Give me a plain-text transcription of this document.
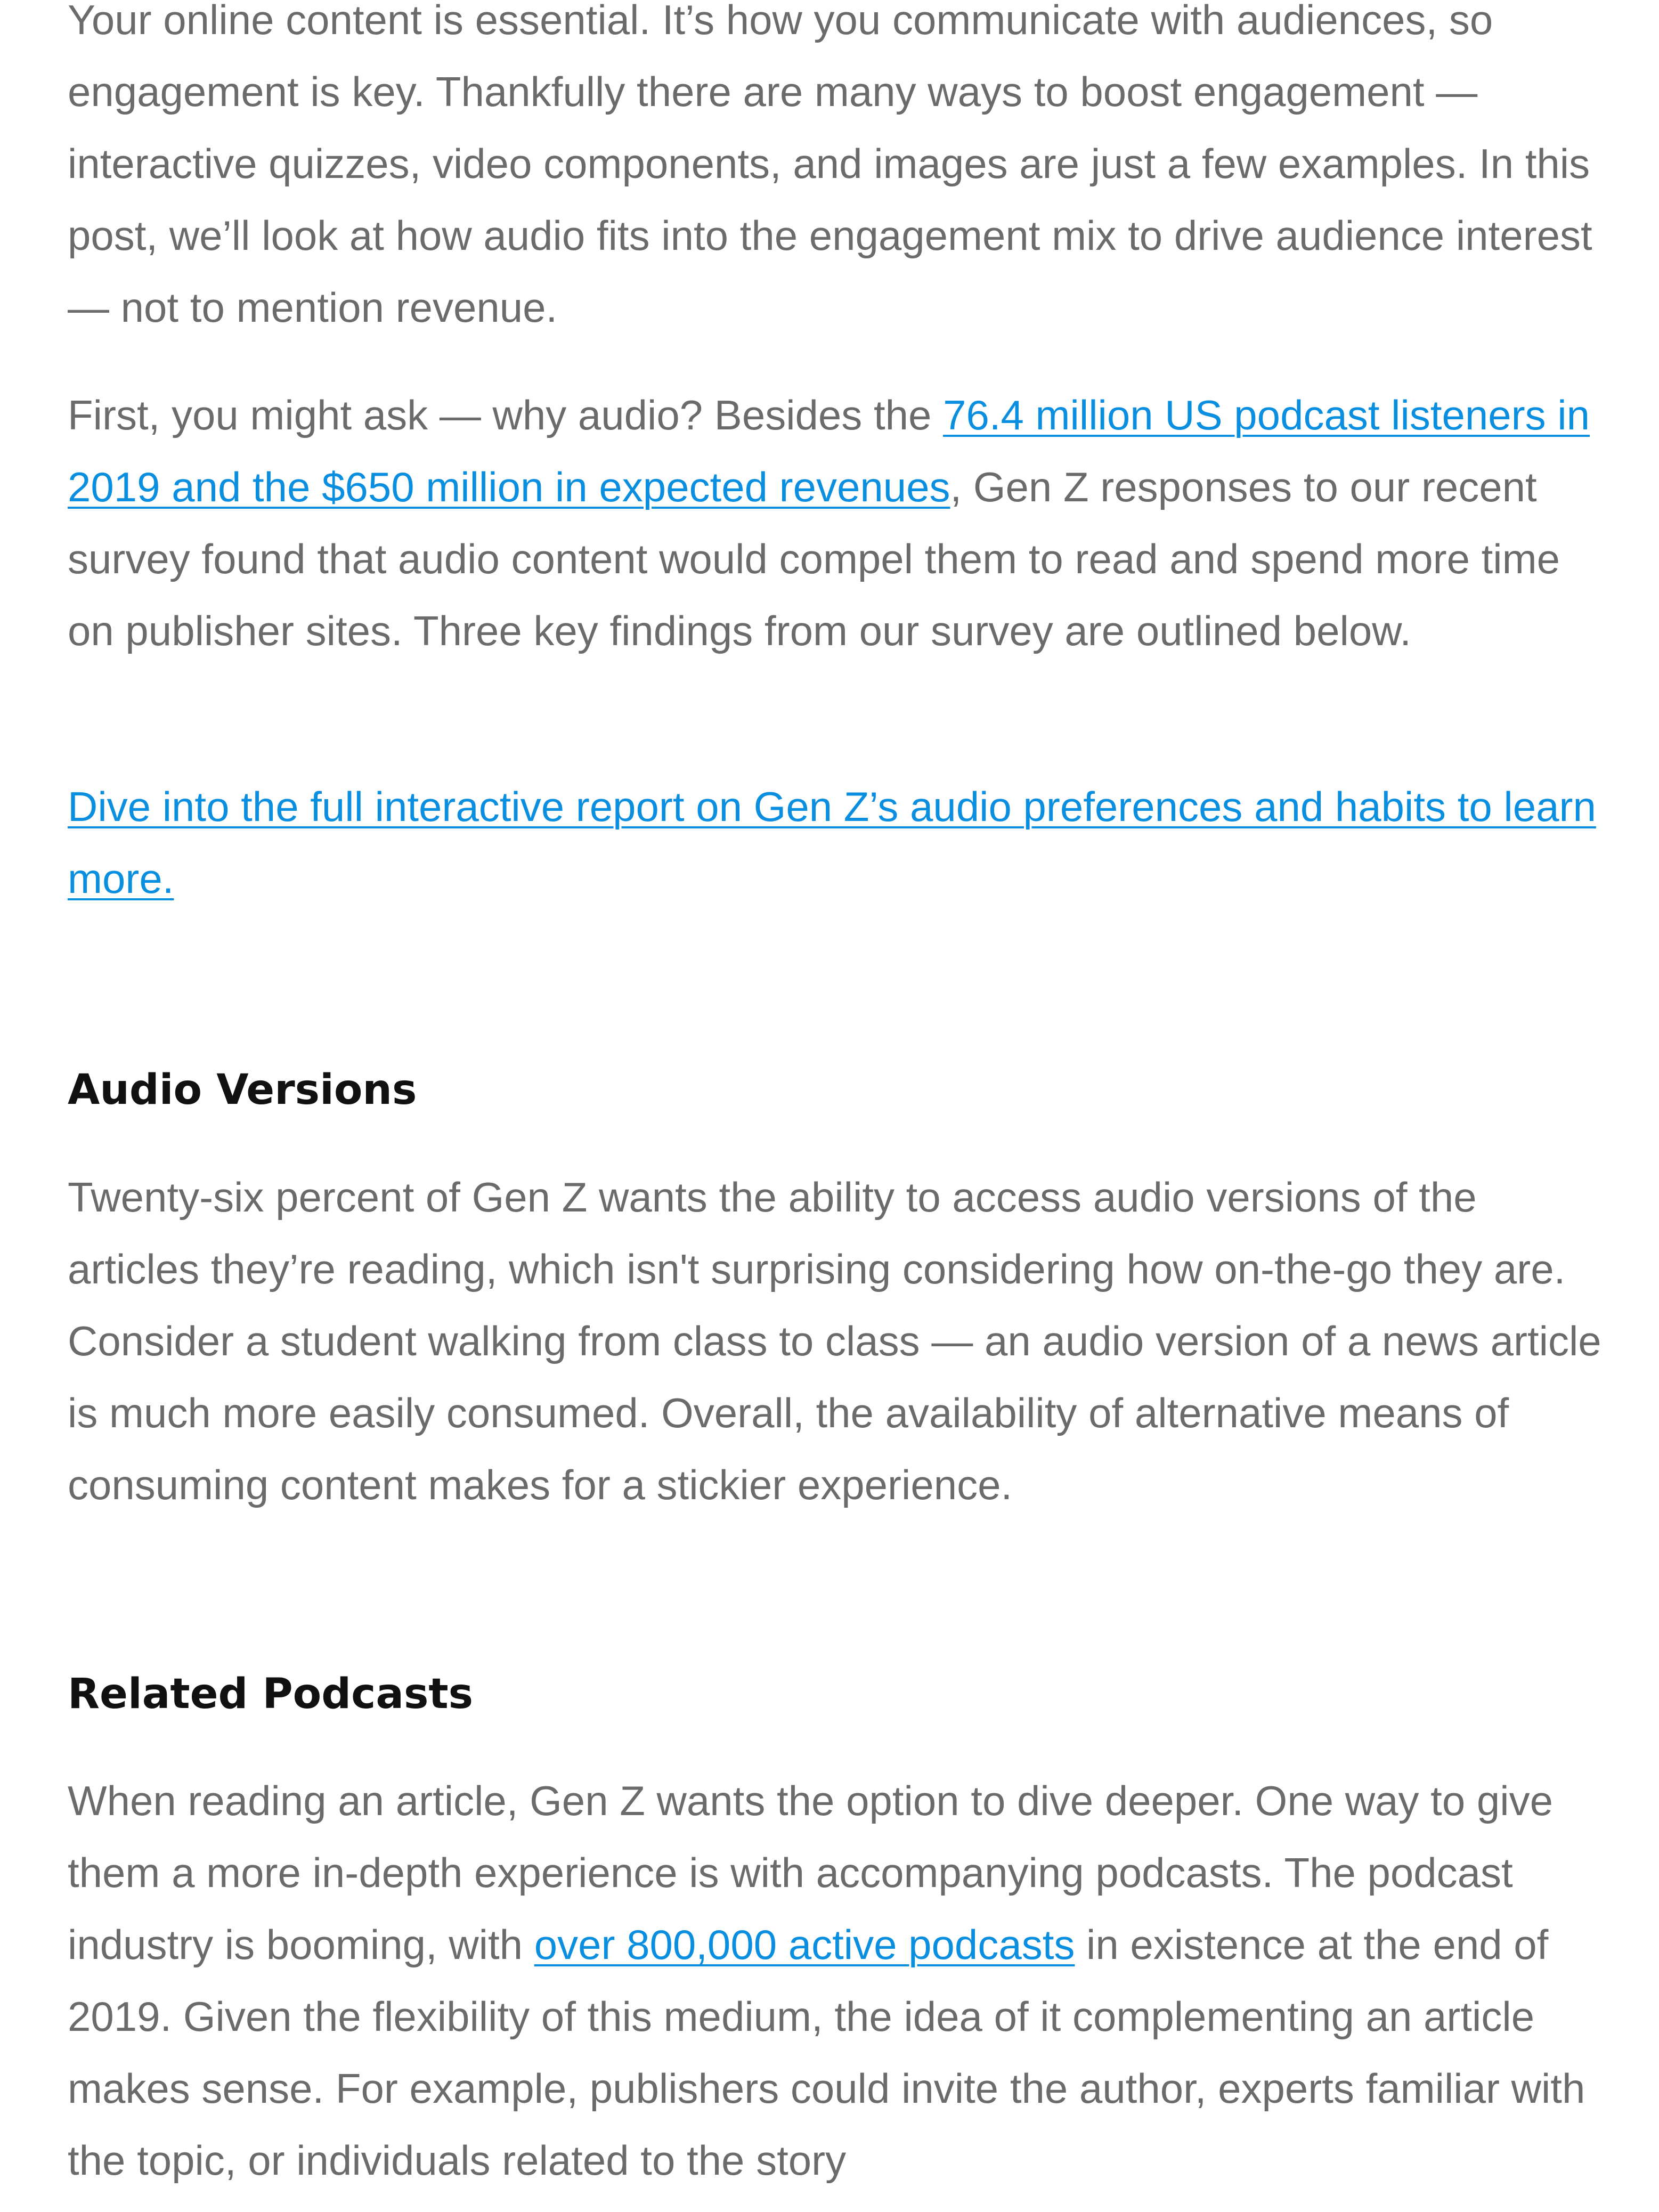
Your online content is essential. It’s how you communicate with audiences, so engagement is key. Thankfully there are many ways to boost engagement — interactive quizzes, video components, and images are just a few examples. In this post, we’ll look at how audio fits into the engagement mix to drive audience interest — not to mention revenue.

First, you might ask — why audio? Besides the 76.4 million US podcast listeners in 2019 and the $650 million in expected revenues, Gen Z responses to our recent survey found that audio content would compel them to read and spend more time on publisher sites. Three key findings from our survey are outlined below.

Dive into the full interactive report on Gen Z’s audio preferences and habits to learn more.

Audio Versions

Twenty-six percent of Gen Z wants the ability to access audio versions of the articles they’re reading, which isn't surprising considering how on-the-go they are. Consider a student walking from class to class — an audio version of a news article is much more easily consumed. Overall, the availability of alternative means of consuming content makes for a stickier experience.

Related Podcasts

When reading an article, Gen Z wants the option to dive deeper. One way to give them a more in-depth experience is with accompanying podcasts. The podcast industry is booming, with over 800,000 active podcasts in existence at the end of 2019. Given the flexibility of this medium, the idea of it complementing an article makes sense. For example, publishers could invite the author, experts familiar with the topic, or individuals related to the story
